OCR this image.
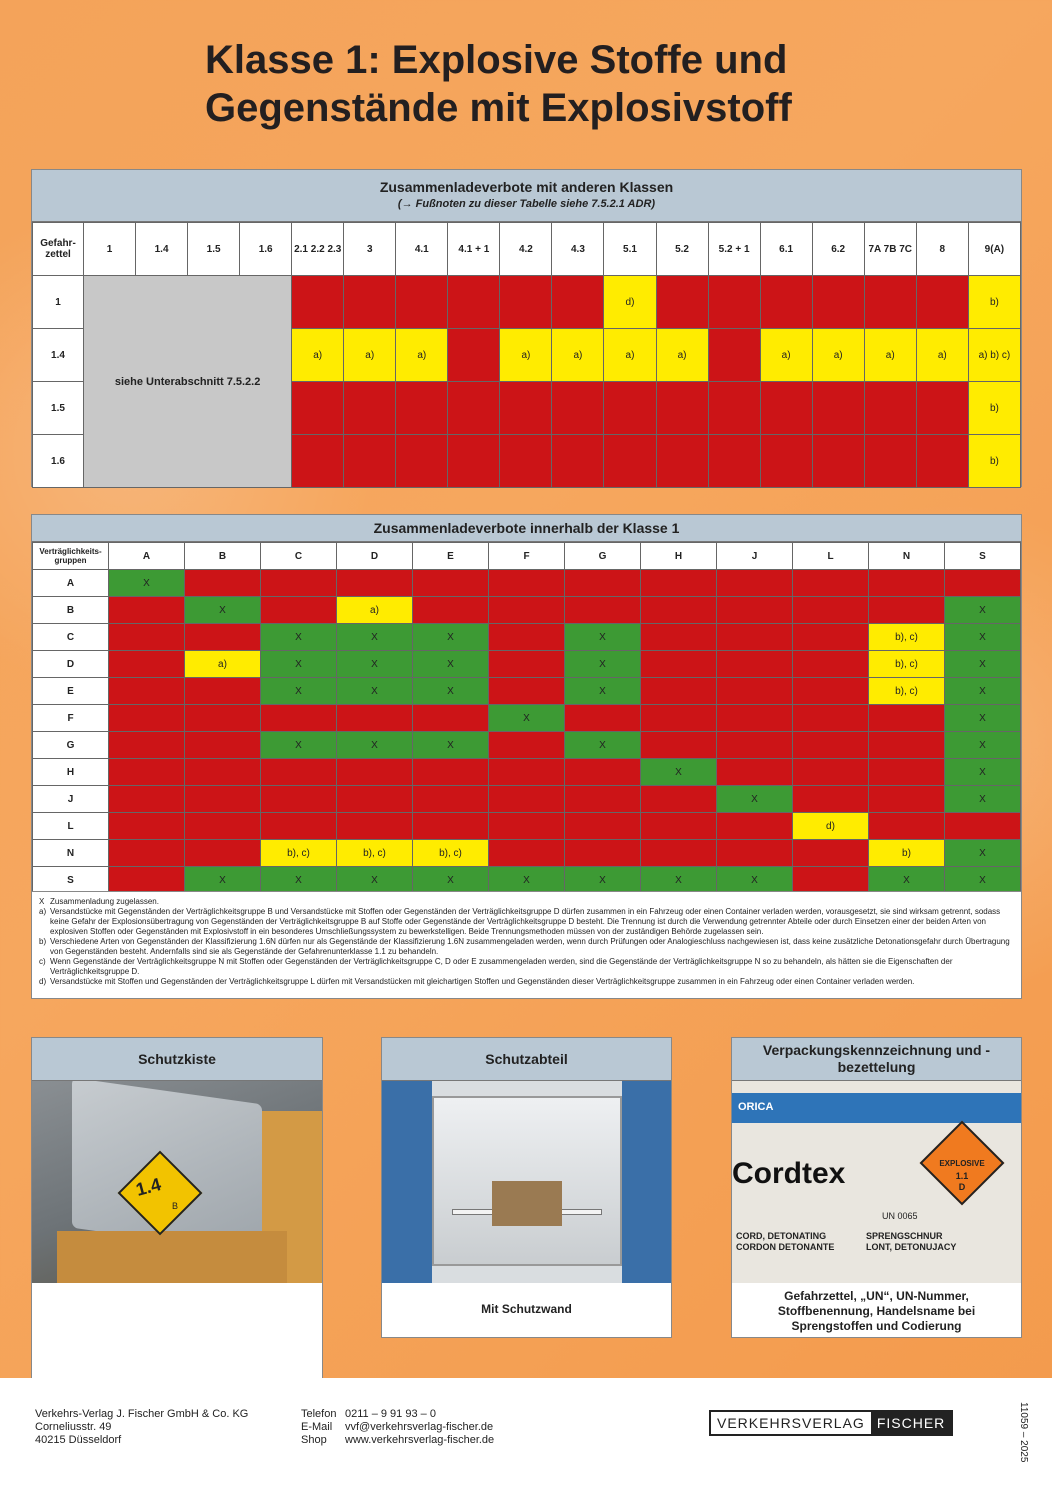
Klasse 1: Explosive Stoffe und Gegenstände mit Explosivstoff
Zusammenladeverbote mit anderen Klassen
(→ Fußnoten zu dieser Tabelle siehe 7.5.2.1 ADR)
Gefahr-zettel	1	1.4	1.5	1.6	2.1 2.2 2.3	3	4.1	4.1 + 1	4.2	4.3	5.1	5.2	5.2 + 1	6.1	6.2	7A 7B 7C	8	9(A)
1	siehe Unterabschnitt 7.5.2.2										d)							b)
1.4					a)	a)	a)		a)	a)	a)	a)		a)	a)	a)	a)	a) b) c)
1.5																		b)
1.6																		b)
Zusammenladeverbote innerhalb der Klasse 1
Verträglichkeits-gruppen	A	B	C	D	E	F	G	H	J	L	N	S
A	X											
B		X		a)								X
C			X	X	X		X				b), c)	X
D		a)	X	X	X		X				b), c)	X
E			X	X	X		X				b), c)	X
F						X						X
G			X	X	X		X					X
H								X				X
J									X			X
L										d)		
N			b), c)	b), c)	b), c)						b)	X
S		X	X	X	X	X	X	X	X		X	X
X Zusammenladung zugelassen.
a) Versandstücke mit Gegenständen der Verträglichkeitsgruppe B und Versandstücke mit Stoffen oder Gegenständen der Verträglichkeitsgruppe D dürfen zusammen in ein Fahrzeug oder einen Container verladen werden, vorausgesetzt, sie sind wirksam getrennt, sodass keine Gefahr der Explosionsübertragung von Gegenständen der Verträglichkeitsgruppe B auf Stoffe oder Gegenstände der Verträglichkeitsgruppe D besteht. Die Trennung ist durch die Verwendung getrennter Abteile oder durch Einsetzen einer der beiden Arten von explosiven Stoffen oder Gegenständen mit Explosivstoff in ein besonderes Umschließungssystem zu bewerkstelligen. Beide Trennungsmethoden müssen von der zuständigen Behörde zugelassen sein.
b) Verschiedene Arten von Gegenständen der Klassifizierung 1.6N dürfen nur als Gegenstände der Klassifizierung 1.6N zusammengeladen werden, wenn durch Prüfungen oder Analogieschluss nachgewiesen ist, dass keine zusätzliche Detonationsgefahr durch Übertragung von Gegenständen besteht. Andernfalls sind sie als Gegenstände der Gefahrenunterklasse 1.1 zu behandeln.
c) Wenn Gegenstände der Verträglichkeitsgruppe N mit Stoffen oder Gegenständen der Verträglichkeitsgruppe C, D oder E zusammengeladen werden, sind die Gegenstände der Verträglichkeitsgruppe N so zu behandeln, als hätten sie die Eigenschaften der Verträglichkeitsgruppe D.
d) Versandstücke mit Stoffen und Gegenständen der Verträglichkeitsgruppe L dürfen mit Versandstücken mit gleichartigen Stoffen und Gegenständen dieser Verträglichkeitsgruppe zusammen in ein Fahrzeug oder einen Container verladen werden.
Schutzkiste
1.4
B
Schutzabteil
Mit Schutzwand
Verpackungskennzeichnung und -bezettelung
ORICA
Cordtex	EXPLOSIVE
1.1
D
UN 0065
CORD, DETONATING	SPRENGSCHNUR
CORDON DETONANTE	LONT, DETONUJACY
Gefahrzettel, „UN“, UN-Nummer, Stoffbenennung, Handelsname bei Sprengstoffen und Codierung
Verkehrs-Verlag J. Fischer GmbH & Co. KG
Corneliusstr. 49
40215 Düsseldorf
Telefon
E-Mail
Shop
0211 – 9 91 93 – 0
vvf@verkehrsverlag-fischer.de
www.verkehrsverlag-fischer.de
VERKEHRSVERLAG FISCHER	11059 – 2025
